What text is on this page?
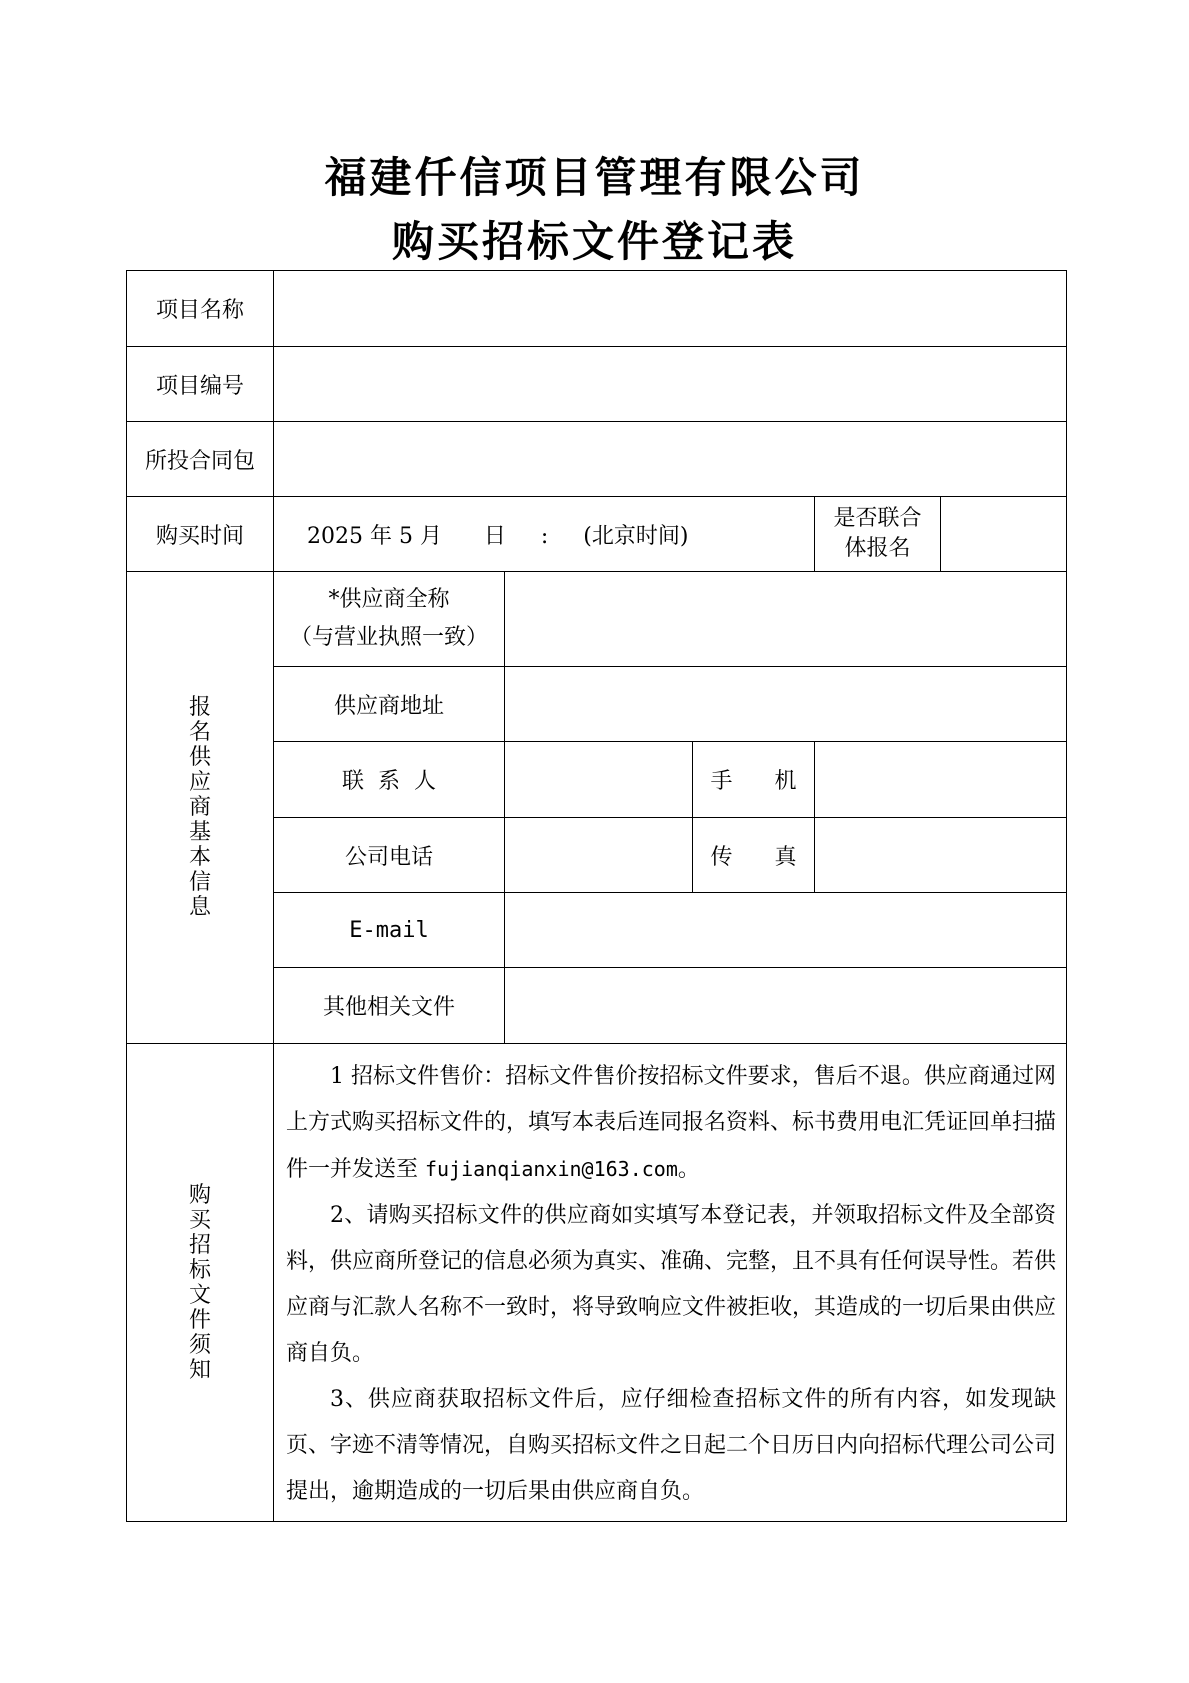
福建仟信项目管理有限公司
购买招标文件登记表
项目名称					
项目编号					
所投合同包					
购买时间	2025 年 5 月      日     :     (北京时间)			是否联合
体报名	

报名供应商基本信息	*供应商全称
（与营业执照一致）				

	供应商地址				
	联  系  人		手      机		
	公司电话		传      真		
	E-mail				
	其他相关文件				
购买招标文件须知	1 招标文件售价：招标文件售价按招标文件要求，售后不退。供应商通过网上方式购买招标文件的，填写本表后连同报名资料、标书费用电汇凭证回单扫描件一并发送至 fujianqianxin@163.com。

2、请购买招标文件的供应商如实填写本登记表，并领取招标文件及全部资料，供应商所登记的信息必须为真实、准确、完整，且不具有任何误导性。若供应商与汇款人名称不一致时，将导致响应文件被拒收，其造成的一切后果由供应商自负。

3、供应商获取招标文件后，应仔细检查招标文件的所有内容，如发现缺页、字迹不清等情况，自购买招标文件之日起二个日历日内向招标代理公司公司提出，逾期造成的一切后果由供应商自负。				
